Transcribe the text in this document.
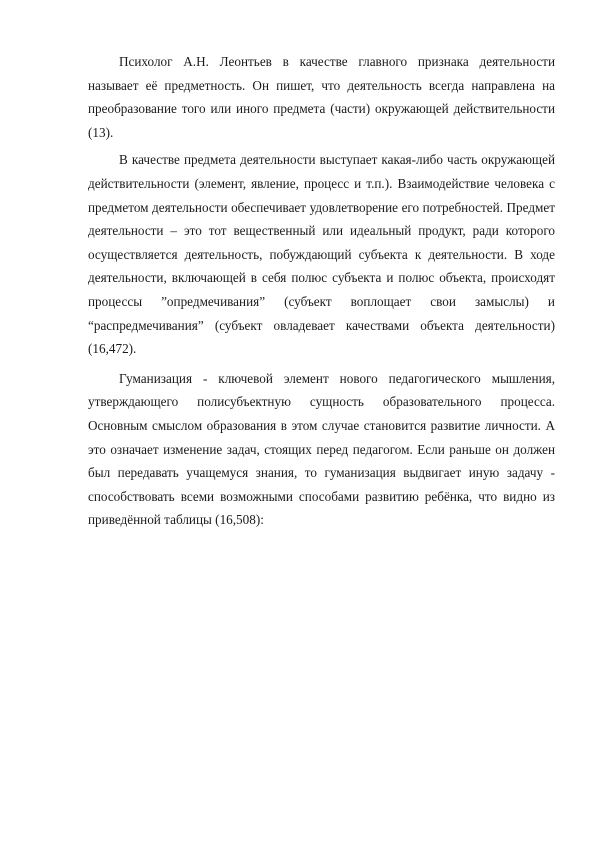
Психолог А.Н. Леонтьев в качестве главного признака деятельности называет её предметность. Он пишет, что деятельность всегда направлена на преобразование того или иного предмета (части) окружающей действительности (13).

В качестве предмета деятельности выступает какая-либо часть окружающей действительности (элемент, явление, процесс и т.п.). Взаимодействие человека с предметом деятельности обеспечивает удовлетворение его потребностей. Предмет деятельности – это тот вещественный или идеальный продукт, ради которого осуществляется деятельность, побуждающий субъекта к деятельности. В ходе деятельности, включающей в себя полюс субъекта и полюс объекта, происходят процессы ”опредмечивания” (субъект воплощает свои замыслы) и “распредмечивания” (субъект овладевает качествами объекта деятельности) (16,472).

Гуманизация - ключевой элемент нового педагогического мышления, утверждающего полисубъектную сущность образовательного процесса. Основным смыслом образования в этом случае становится развитие личности. А это означает изменение задач, стоящих перед педагогом. Если раньше он должен был передавать учащемуся знания, то гуманизация выдвигает иную задачу - способствовать всеми возможными способами развитию ребёнка, что видно из приведённой таблицы (16,508):
